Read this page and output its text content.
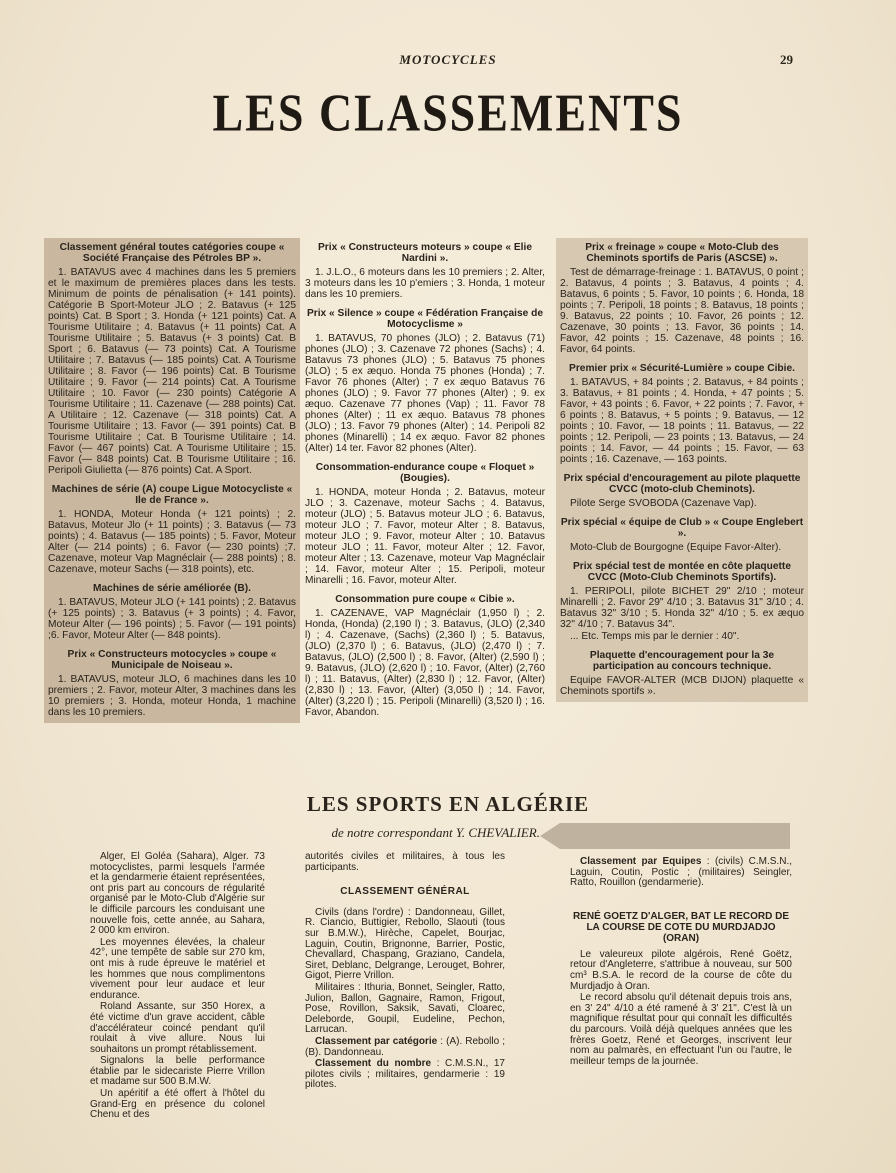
MOTOCYCLES	29
LES CLASSEMENTS

Classement général toutes catégories coupe « Société Française des Pétroles BP ».

1. BATAVUS avec 4 machines dans les 5 premiers et le maximum de premières places dans les tests. Minimum de points de pénalisation (+ 141 points). Catégorie B Sport-Moteur JLO ; 2. Batavus (+ 125 points) Cat. B Sport ; 3. Honda (+ 121 points) Cat. A Tourisme Utilitaire ; 4. Batavus (+ 11 points) Cat. A Tourisme Utilitaire ; 5. Batavus (+ 3 points) Cat. B Sport ; 6. Batavus (— 73 points) Cat. A Tourisme Utilitaire ; 7. Batavus (— 185 points) Cat. A Tourisme Utilitaire ; 8. Favor (— 196 points) Cat. B Tourisme Utilitaire ; 9. Favor (— 214 points) Cat. A Tourisme Utilitaire ; 10. Favor (— 230 points) Catégorie A Tourisme Utilitaire ; 11. Cazenave (— 288 points) Cat. A Utilitaire ; 12. Cazenave (— 318 points) Cat. A Tourisme Utilitaire ; 13. Favor (— 391 points) Cat. B Tourisme Utilitaire ; Cat. B Tourisme Utilitaire ; 14. Favor (— 467 points) Cat. A Tourisme Utilitaire ; 15. Favor (— 848 points) Cat. B Tourisme Utilitaire ; 16. Peripoli Giulietta (— 876 points) Cat. A Sport.

Machines de série (A) coupe Ligue Motocycliste « Ile de France ».

1. HONDA, Moteur Honda (+ 121 points) ; 2. Batavus, Moteur Jlo (+ 11 points) ; 3. Batavus (— 73 points) ; 4. Batavus (— 185 points) ; 5. Favor, Moteur Alter (— 214 points) ; 6. Favor (— 230 points) ;7. Cazenave, moteur Vap Magnéclair (— 288 points) ; 8. Cazenave, moteur Sachs (— 318 points), etc.

Machines de série améliorée (B).

1. BATAVUS, Moteur JLO (+ 141 points) ; 2. Batavus (+ 125 points) ; 3. Batavus (+ 3 points) ; 4. Favor, Moteur Alter (— 196 points) ; 5. Favor (— 191 points) ;6. Favor, Moteur Alter (— 848 points).

Prix « Constructeurs motocycles » coupe « Municipale de Noiseau ».

1. BATAVUS, moteur JLO, 6 machines dans les 10 premiers ; 2. Favor, moteur Alter, 3 machines dans les 10 premiers ; 3. Honda, moteur Honda, 1 machine dans les 10 premiers.

Prix « Constructeurs moteurs » coupe « Elie Nardini ».

1. J.L.O., 6 moteurs dans les 10 premiers ; 2. Alter, 3 moteurs dans les 10 p'emiers ; 3. Honda, 1 moteur dans les 10 premiers.

Prix « Silence » coupe « Fédération Française de Motocyclisme »

1. BATAVUS, 70 phones (JLO) ; 2. Batavus (71) phones (JLO) ; 3. Cazenave 72 phones (Sachs) ; 4. Batavus 73 phones (JLO) ; 5. Batavus 75 phones (JLO) ; 5 ex æquo. Honda 75 phones (Honda) ; 7. Favor 76 phones (Alter) ; 7 ex æquo Batavus 76 phones (JLO) ; 9. Favor 77 phones (Alter) ; 9. ex æquo. Cazenave 77 phones (Vap) ; 11. Favor 78 phones (Alter) ; 11 ex æquo. Batavus 78 phones (JLO) ; 13. Favor 79 phones (Alter) ; 14. Peripoli 82 phones (Minarelli) ; 14 ex æquo. Favor 82 phones (Alter) 14 ter. Favor 82 phones (Alter).

Consommation-endurance coupe « Floquet » (Bougies).

1. HONDA, moteur Honda ; 2. Batavus, moteur JLO ; 3. Cazenave, moteur Sachs ; 4. Batavus, moteur (JLO) ; 5. Batavus moteur JLO ; 6. Batavus, moteur JLO ; 7. Favor, moteur Alter ; 8. Batavus, moteur JLO ; 9. Favor, moteur Alter ; 10. Batavus moteur JLO ; 11. Favor, moteur Alter ; 12. Favor, moteur Alter ; 13. Cazenave, moteur Vap Magnéclair ; 14. Favor, moteur Alter ; 15. Peripoli, moteur Minarelli ; 16. Favor, moteur Alter.

Consommation pure coupe « Cibie ».

1. CAZENAVE, VAP Magnéclair (1,950 l) ; 2. Honda, (Honda) (2,190 l) ; 3. Batavus, (JLO) (2,340 l) ; 4. Cazenave, (Sachs) (2,360 l) ; 5. Batavus, (JLO) (2,370 l) ; 6. Batavus, (JLO) (2,470 l) ; 7. Batavus, (JLO) (2,500 l) ; 8. Favor, (Alter) (2,590 l) ; 9. Batavus, (JLO) (2,620 l) ; 10. Favor, (Alter) (2,760 l) ; 11. Batavus, (Alter) (2,830 l) ; 12. Favor, (Alter) (2,830 l) ; 13. Favor, (Alter) (3,050 l) ; 14. Favor, (Alter) (3,220 l) ; 15. Peripoli (Minarelli) (3,520 l) ; 16. Favor, Abandon.

Prix « freinage » coupe « Moto-Club des Cheminots sportifs de Paris (ASCSE) ».

Test de démarrage-freinage : 1. BATAVUS, 0 point ; 2. Batavus, 4 points ; 3. Batavus, 4 points ; 4. Batavus, 6 points ; 5. Favor, 10 points ; 6. Honda, 18 points ; 7. Peripoli, 18 points ; 8. Batavus, 18 points ; 9. Batavus, 22 points ; 10. Favor, 26 points ; 12. Cazenave, 30 points ; 13. Favor, 36 points ; 14. Favor, 42 points ; 15. Cazenave, 48 points ; 16. Favor, 64 points.

Premier prix « Sécurité-Lumière » coupe Cibie.

1. BATAVUS, + 84 points ; 2. Batavus, + 84 points ; 3. Batavus, + 81 points ; 4. Honda, + 47 points ; 5. Favor, + 43 points ; 6. Favor, + 22 points ; 7. Favor, + 6 points ; 8. Batavus, + 5 points ; 9. Batavus, — 12 points ; 10. Favor, — 18 points ; 11. Batavus, — 22 points ; 12. Peripoli, — 23 points ; 13. Batavus, — 24 points ; 14. Favor, — 44 points ; 15. Favor, — 63 points ; 16. Cazenave, — 163 points.

Prix spécial d'encouragement au pilote plaquette CVCC (moto-club Cheminots).

Pilote Serge SVOBODA (Cazenave Vap).

Prix spécial « équipe de Club » « Coupe Englebert ».

Moto-Club de Bourgogne (Equipe Favor-Alter).

Prix spécial test de montée en côte plaquette CVCC (Moto-Club Cheminots Sportifs).

1. PERIPOLI, pilote BICHET 29" 2/10 ; moteur Minarelli ; 2. Favor 29" 4/10 ; 3. Batavus 31" 3/10 ; 4. Batavus 32" 3/10 ; 5. Honda 32" 4/10 ; 5. ex æquo 32" 4/10 ; 7. Batavus 34".

... Etc. Temps mis par le dernier : 40".

Plaquette d'encouragement pour la 3e participation au concours technique.

Equipe FAVOR-ALTER (MCB DIJON) plaquette « Cheminots sportifs ».

LES SPORTS EN ALGÉRIE
de notre correspondant Y. CHEVALIER.

Alger, El Goléa (Sahara), Alger. 73 motocyclistes, parmi lesquels l'armée et la gendarmerie étaient représentées, ont pris part au concours de régularité organisé par le Moto-Club d'Algérie sur le difficile parcours les conduisant une nouvelle fois, cette année, au Sahara, 2 000 km environ.

Les moyennes élevées, la chaleur 42°, une tempête de sable sur 270 km, ont mis à rude épreuve le matériel et les hommes que nous complimentons vivement pour leur audace et leur endurance.

Roland Assante, sur 350 Horex, a été victime d'un grave accident, câble d'accélérateur coincé pendant qu'il roulait à vive allure. Nous lui souhaitons un prompt rétablissement.

Signalons la belle performance établie par le sidecariste Pierre Vrillon et madame sur 500 B.M.W.

Un apéritif a été offert à l'hôtel du Grand-Erg en présence du colonel Chenu et des

autorités civiles et militaires, à tous les participants.

CLASSEMENT GÉNÉRAL

Civils (dans l'ordre) : Dandonneau, Gillet, R. Ciancio, Buttigier, Rebollo, Slaouti (tous sur B.M.W.), Hirèche, Capelet, Bourjac, Laguin, Coutin, Brignonne, Barrier, Postic, Chevallard, Chaspang, Graziano, Candela, Siret, Deblanc, Delgrange, Lerouget, Bohrer, Gigot, Pierre Vrillon.

Militaires : Ithuria, Bonnet, Seingler, Ratto, Julion, Ballon, Gagnaire, Ramon, Frigout, Pose, Rovillon, Saksik, Savati, Cloarec, Deleborde, Goupil, Eudeline, Pechon, Larrucan.

Classement par catégorie : (A). Rebollo ; (B). Dandonneau.

Classement du nombre : C.M.S.N., 17 pilotes civils ; militaires, gendarmerie : 19 pilotes.

Classement par Equipes : (civils) C.M.S.N., Laguin, Coutin, Postic ; (militaires) Seingler, Ratto, Rouillon (gendarmerie).

RENÉ GOETZ D'ALGER, BAT LE RECORD DE LA COURSE DE COTE DU MURDJADJO (ORAN)

Le valeureux pilote algérois, René Goëtz, retour d'Angleterre, s'attribue à nouveau, sur 500 cm³ B.S.A. le record de la course de côte du Murdjadjo à Oran.

Le record absolu qu'il détenait depuis trois ans, en 3' 24" 4/10 a été ramené à 3' 21". C'est là un magnifique résultat pour qui connaît les difficultés du parcours. Voilà déjà quelques années que les frères Goetz, René et Georges, inscrivent leur nom au palmarès, en effectuant l'un ou l'autre, le meilleur temps de la journée.
